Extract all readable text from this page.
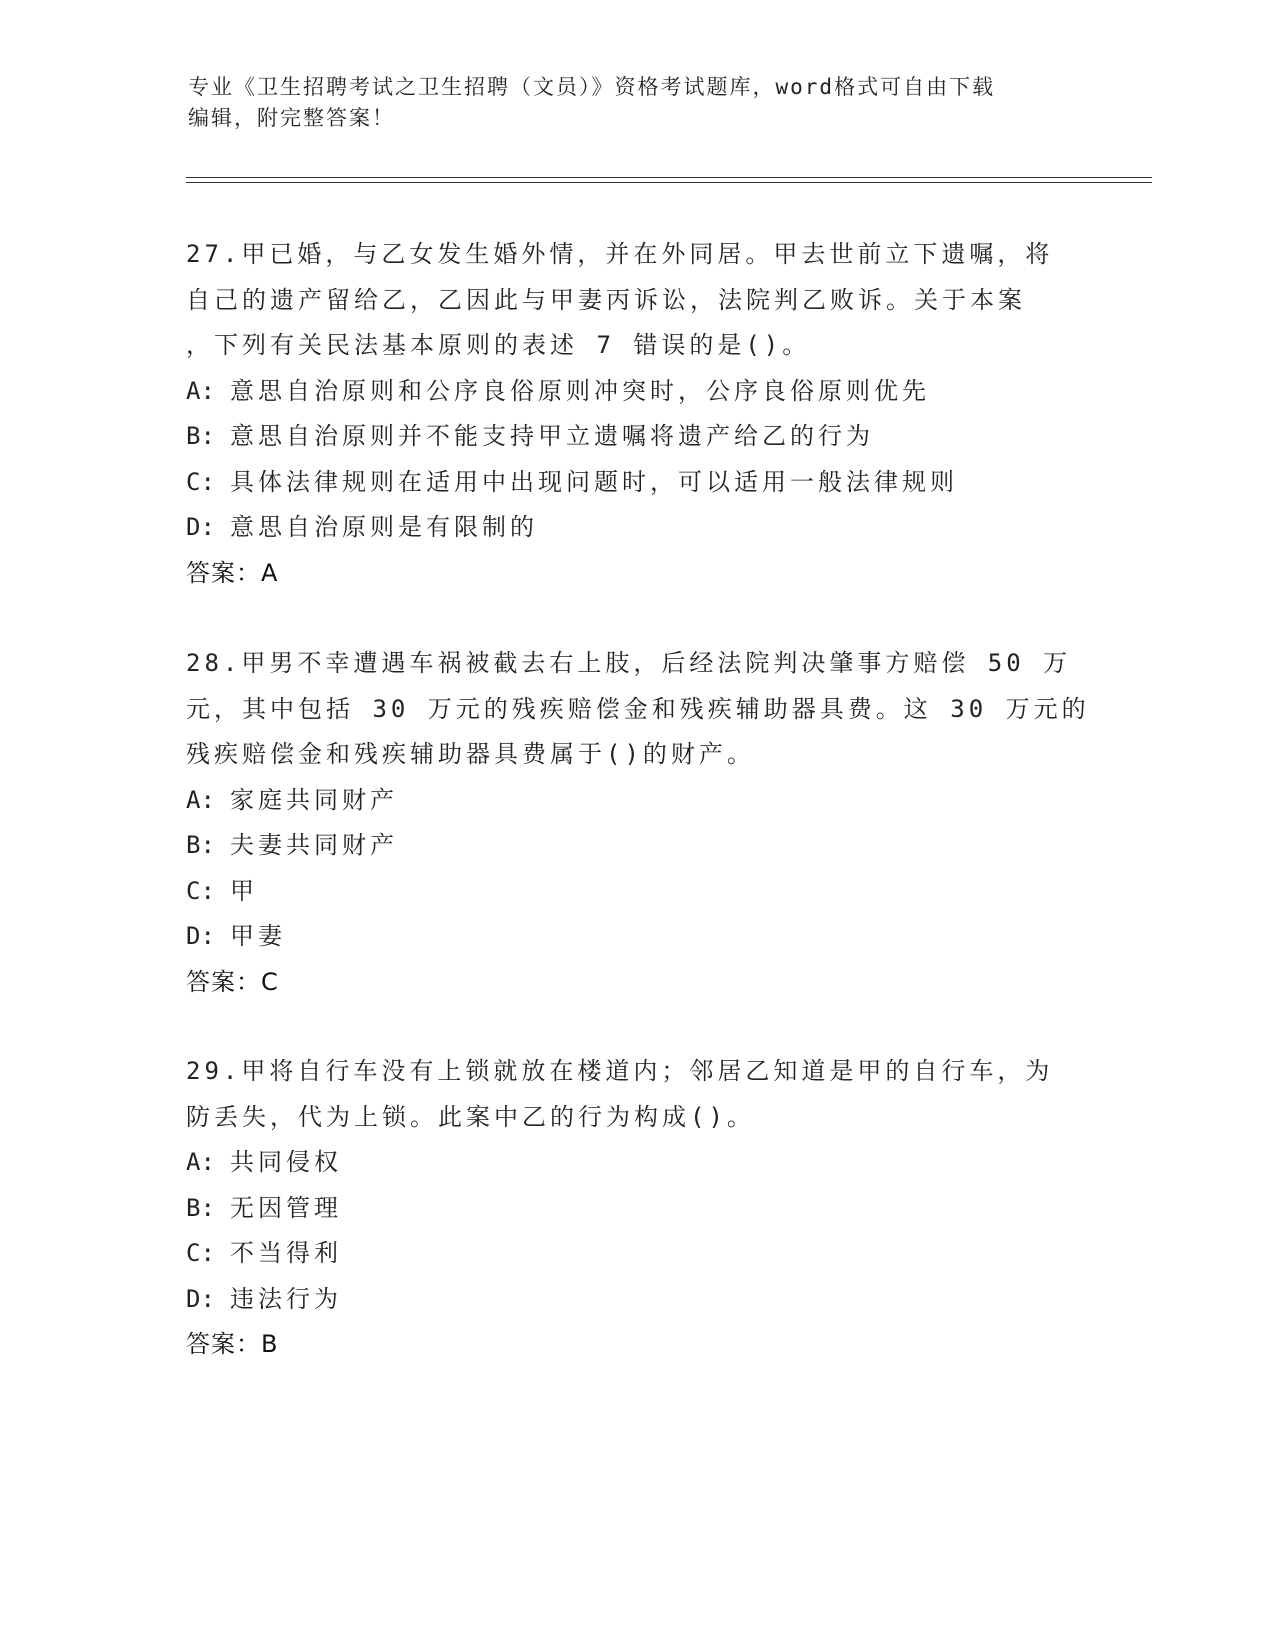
专业《卫生招聘考试之卫生招聘（文员）》资格考试题库，word格式可自由下载
编辑，附完整答案！
27.甲已婚，与乙女发生婚外情，并在外同居。甲去世前立下遗嘱，将
自己的遗产留给乙，乙因此与甲妻丙诉讼，法院判乙败诉。关于本案
，下列有关民法基本原则的表述 7 错误的是()。
A: 意思自治原则和公序良俗原则冲突时，公序良俗原则优先
B: 意思自治原则并不能支持甲立遗嘱将遗产给乙的行为
C: 具体法律规则在适用中出现问题时，可以适用一般法律规则
D: 意思自治原则是有限制的
答案：A
28.甲男不幸遭遇车祸被截去右上肢，后经法院判决肇事方赔偿 50 万
元，其中包括 30 万元的残疾赔偿金和残疾辅助器具费。这 30 万元的
残疾赔偿金和残疾辅助器具费属于()的财产。
A: 家庭共同财产
B: 夫妻共同财产
C: 甲
D: 甲妻
答案：C
29.甲将自行车没有上锁就放在楼道内；邻居乙知道是甲的自行车，为
防丢失，代为上锁。此案中乙的行为构成()。
A: 共同侵权
B: 无因管理
C: 不当得利
D: 违法行为
答案：B
